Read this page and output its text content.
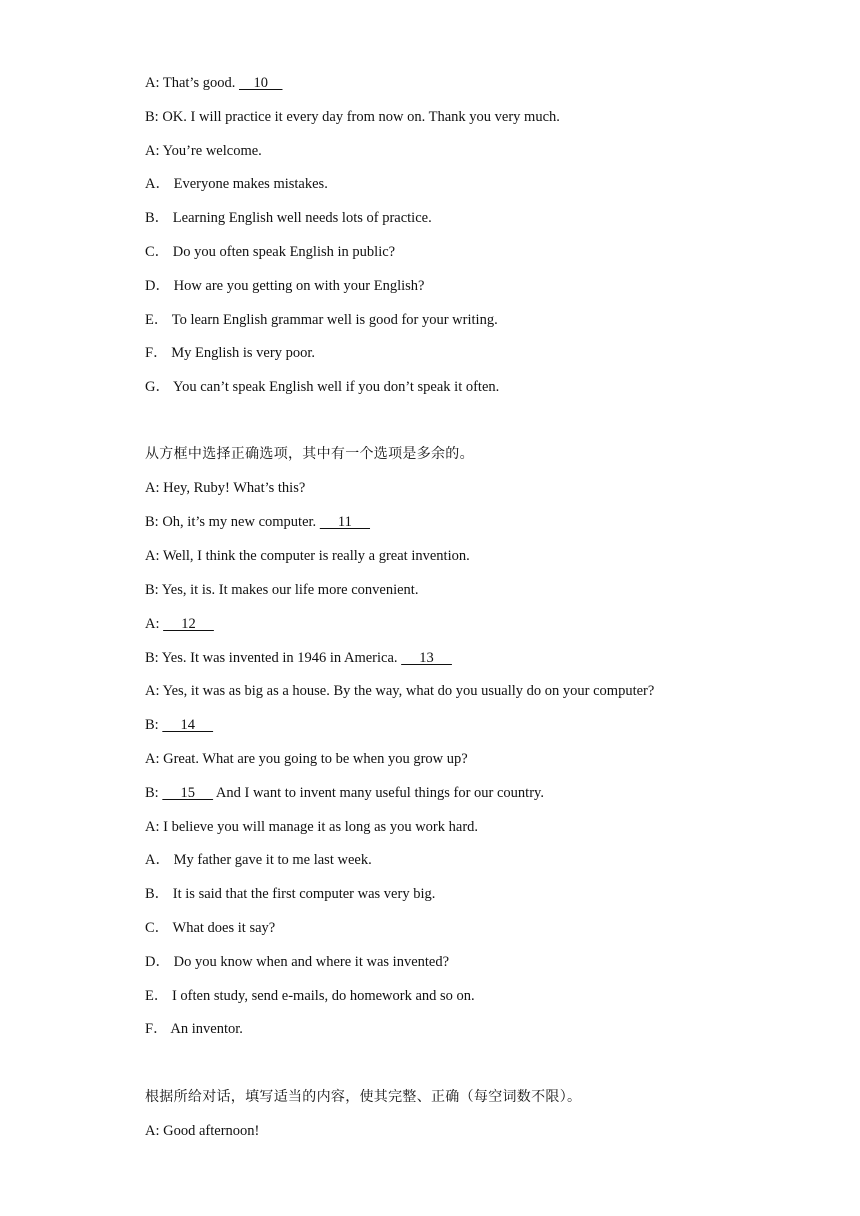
A: That’s good.     10
B: OK. I will practice it every day from now on. Thank you very much.
A: You’re welcome.
A． Everyone makes mistakes.
B． Learning English well needs lots of practice.
C． Do you often speak English in public?
D． How are you getting on with your English?
E． To learn English grammar well is good for your writing.
F． My English is very poor.
G． You can’t speak English well if you don’t speak it often.
从方框中选择正确选项，其中有一个选项是多余的。
A: Hey, Ruby! What’s this?
B: Oh, it’s my new computer.      11
A: Well, I think the computer is really a great invention.
B: Yes, it is. It makes our life more convenient.
A:      12
B: Yes. It was invented in 1946 in America.      13
A: Yes, it was as big as a house. By the way, what do you usually do on your computer?
B:      14
A: Great. What are you going to be when you grow up?
B:      15      And I want to invent many useful things for our country.
A: I believe you will manage it as long as you work hard.
A． My father gave it to me last week.
B． It is said that the first computer was very big.
C． What does it say?
D． Do you know when and where it was invented?
E． I often study, send e-mails, do homework and so on.
F． An inventor.
根据所给对话，填写适当的内容，使其完整、正确（每空词数不限）。
A: Good afternoon!
